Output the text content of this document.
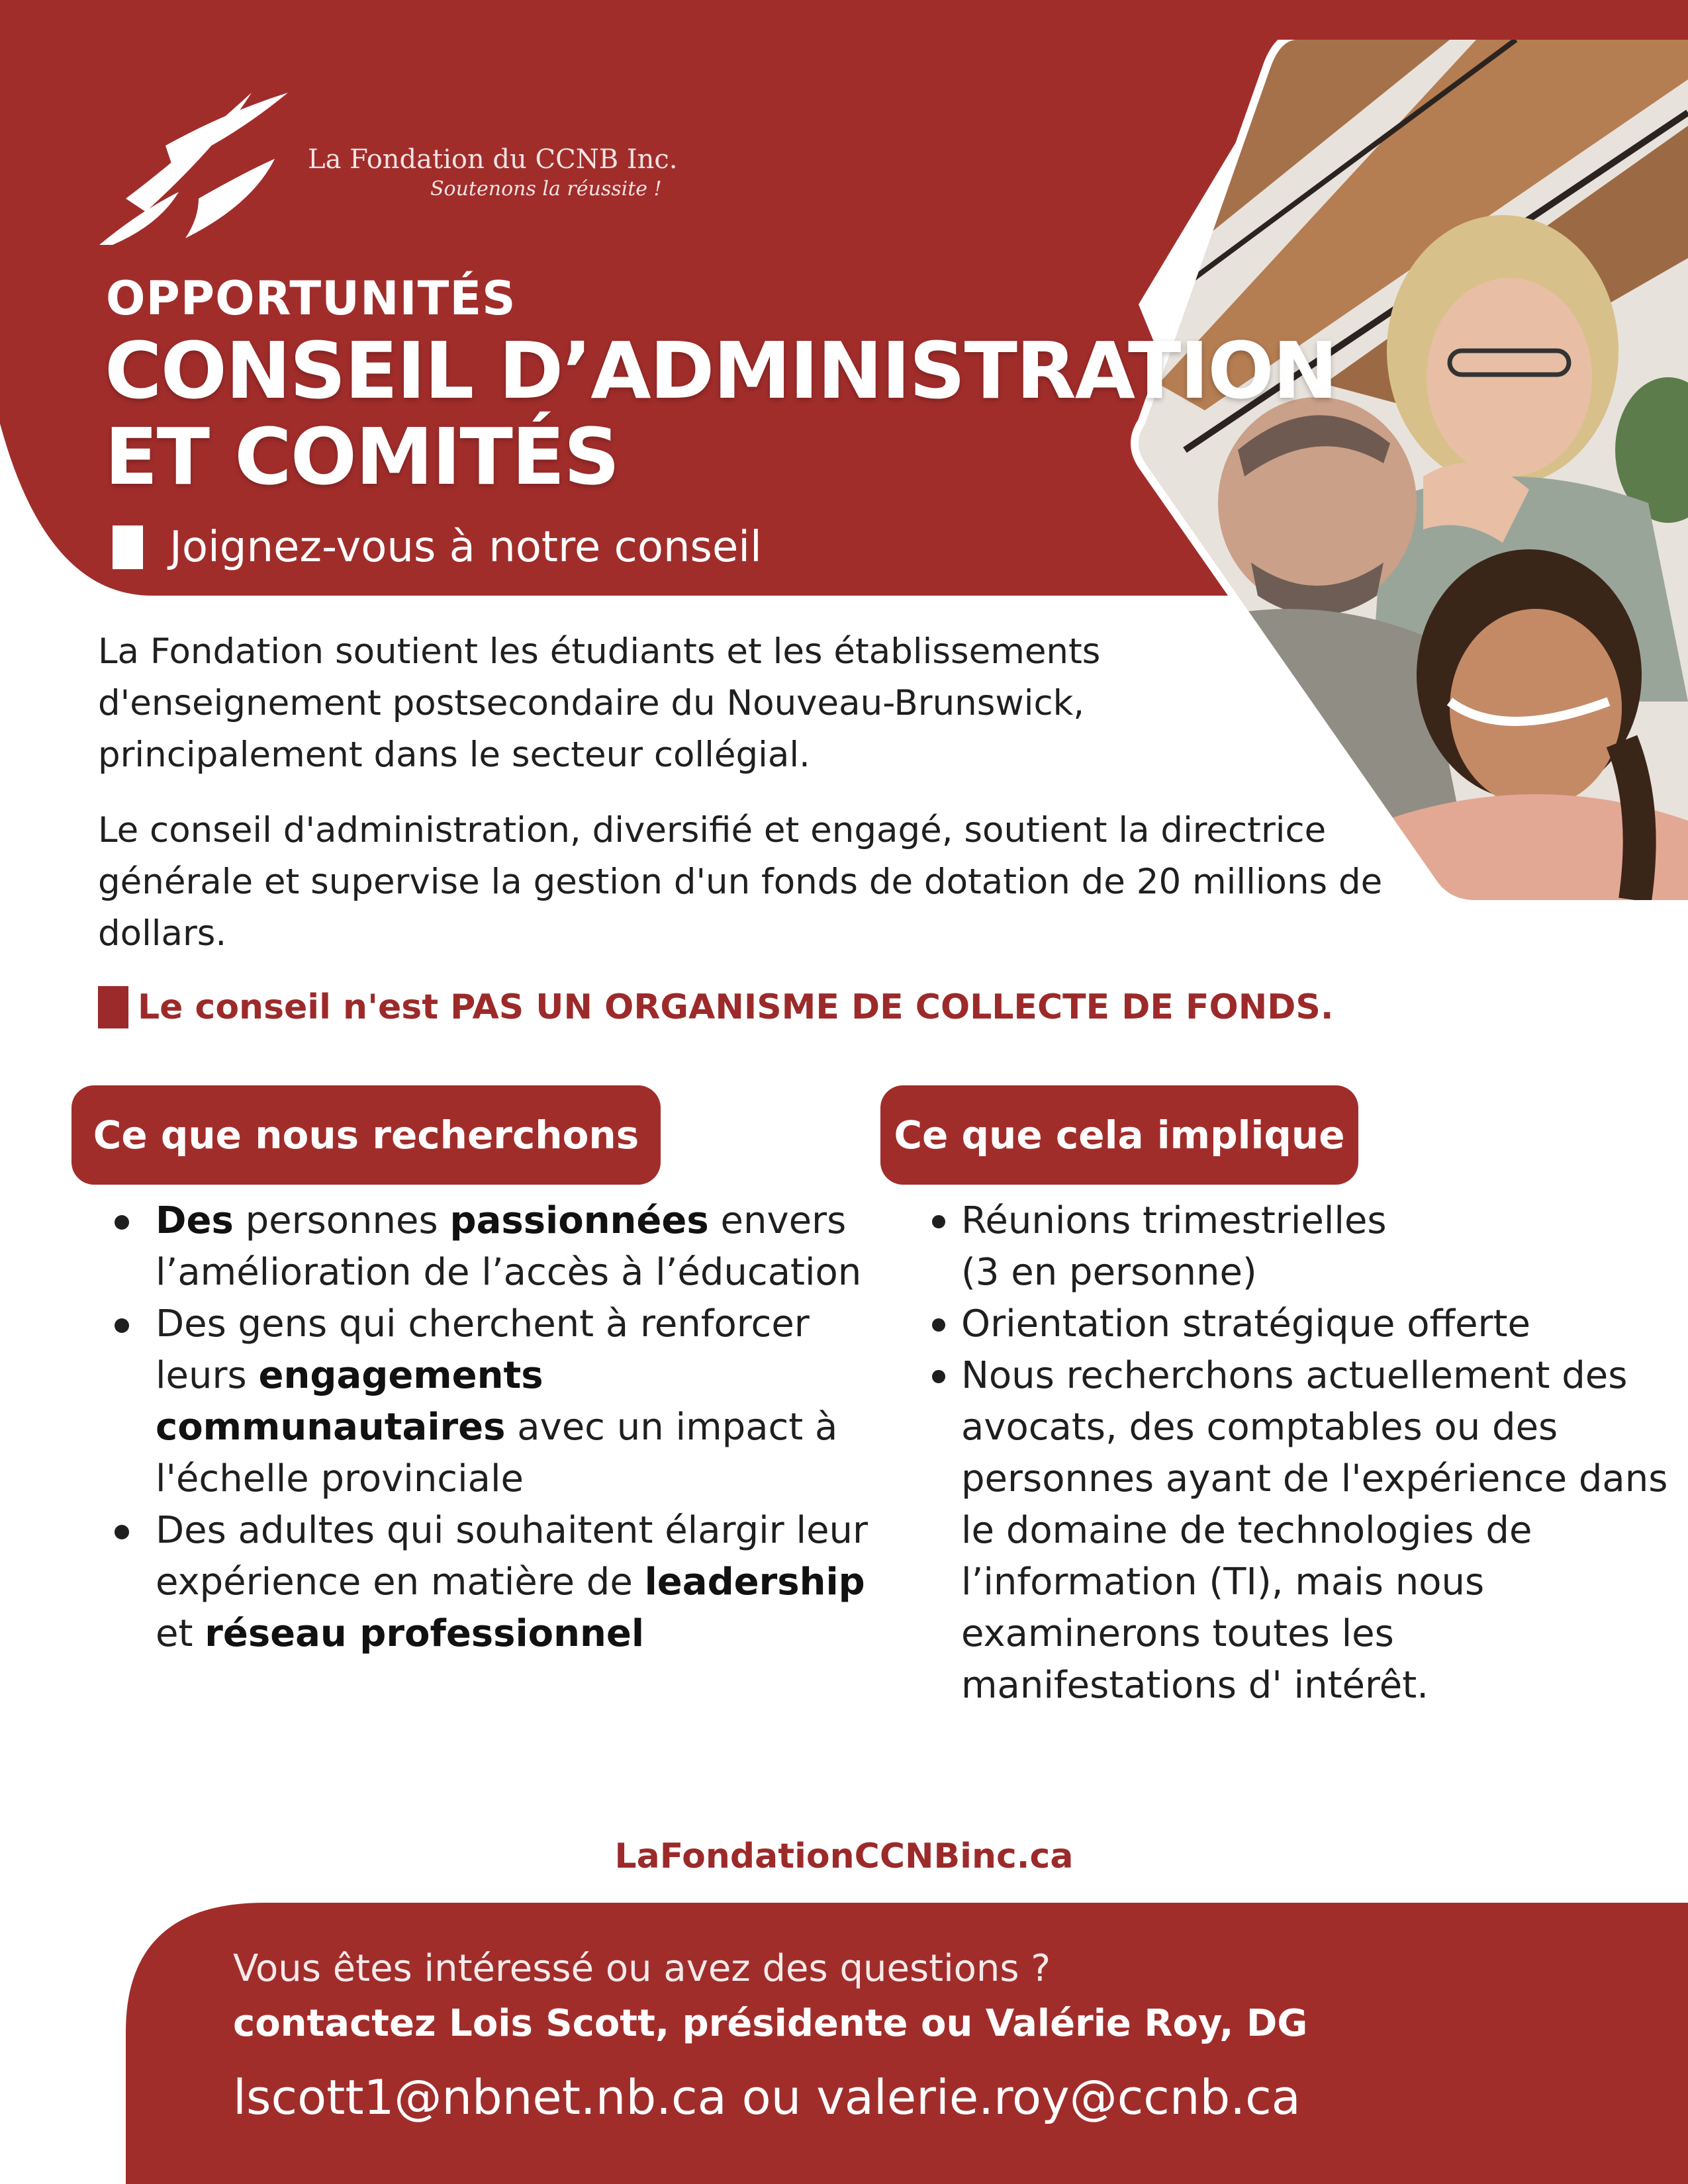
La Fondation du CCNB Inc.
Soutenons la réussite !
OPPORTUNITÉS
CONSEIL D’ADMINISTRATION
ET COMITÉS
Joignez-vous à notre conseil

La Fondation soutient les étudiants et les établissements d'enseignement postsecondaire du Nouveau-Brunswick, principalement dans le secteur collégial.

Le conseil d'administration, diversifié et engagé, soutient la directrice générale et supervise la gestion d'un fonds de dotation de 20 millions de dollars.

Le conseil n'est PAS UN ORGANISME DE COLLECTE DE FONDS.
Ce que nous recherchons	Ce que cela implique
Des personnes passionnées envers l’amélioration de l’accès à l’éducation
Des gens qui cherchent à renforcer leurs engagements communautaires avec un impact à l'échelle provinciale
Des adultes qui souhaitent élargir leur expérience en matière de leadership et réseau professionnel
Réunions trimestrielles (3 en personne)
Orientation stratégique offerte
Nous recherchons actuellement des avocats, des comptables ou des personnes ayant de l'expérience dans le domaine de technologies de l’information (TI), mais nous examinerons toutes les manifestations d' intérêt.
LaFondationCCNBinc.ca
Vous êtes intéressé ou avez des questions ?
contactez Lois Scott, présidente ou Valérie Roy, DG
lscott1@nbnet.nb.ca ou valerie.roy@ccnb.ca
